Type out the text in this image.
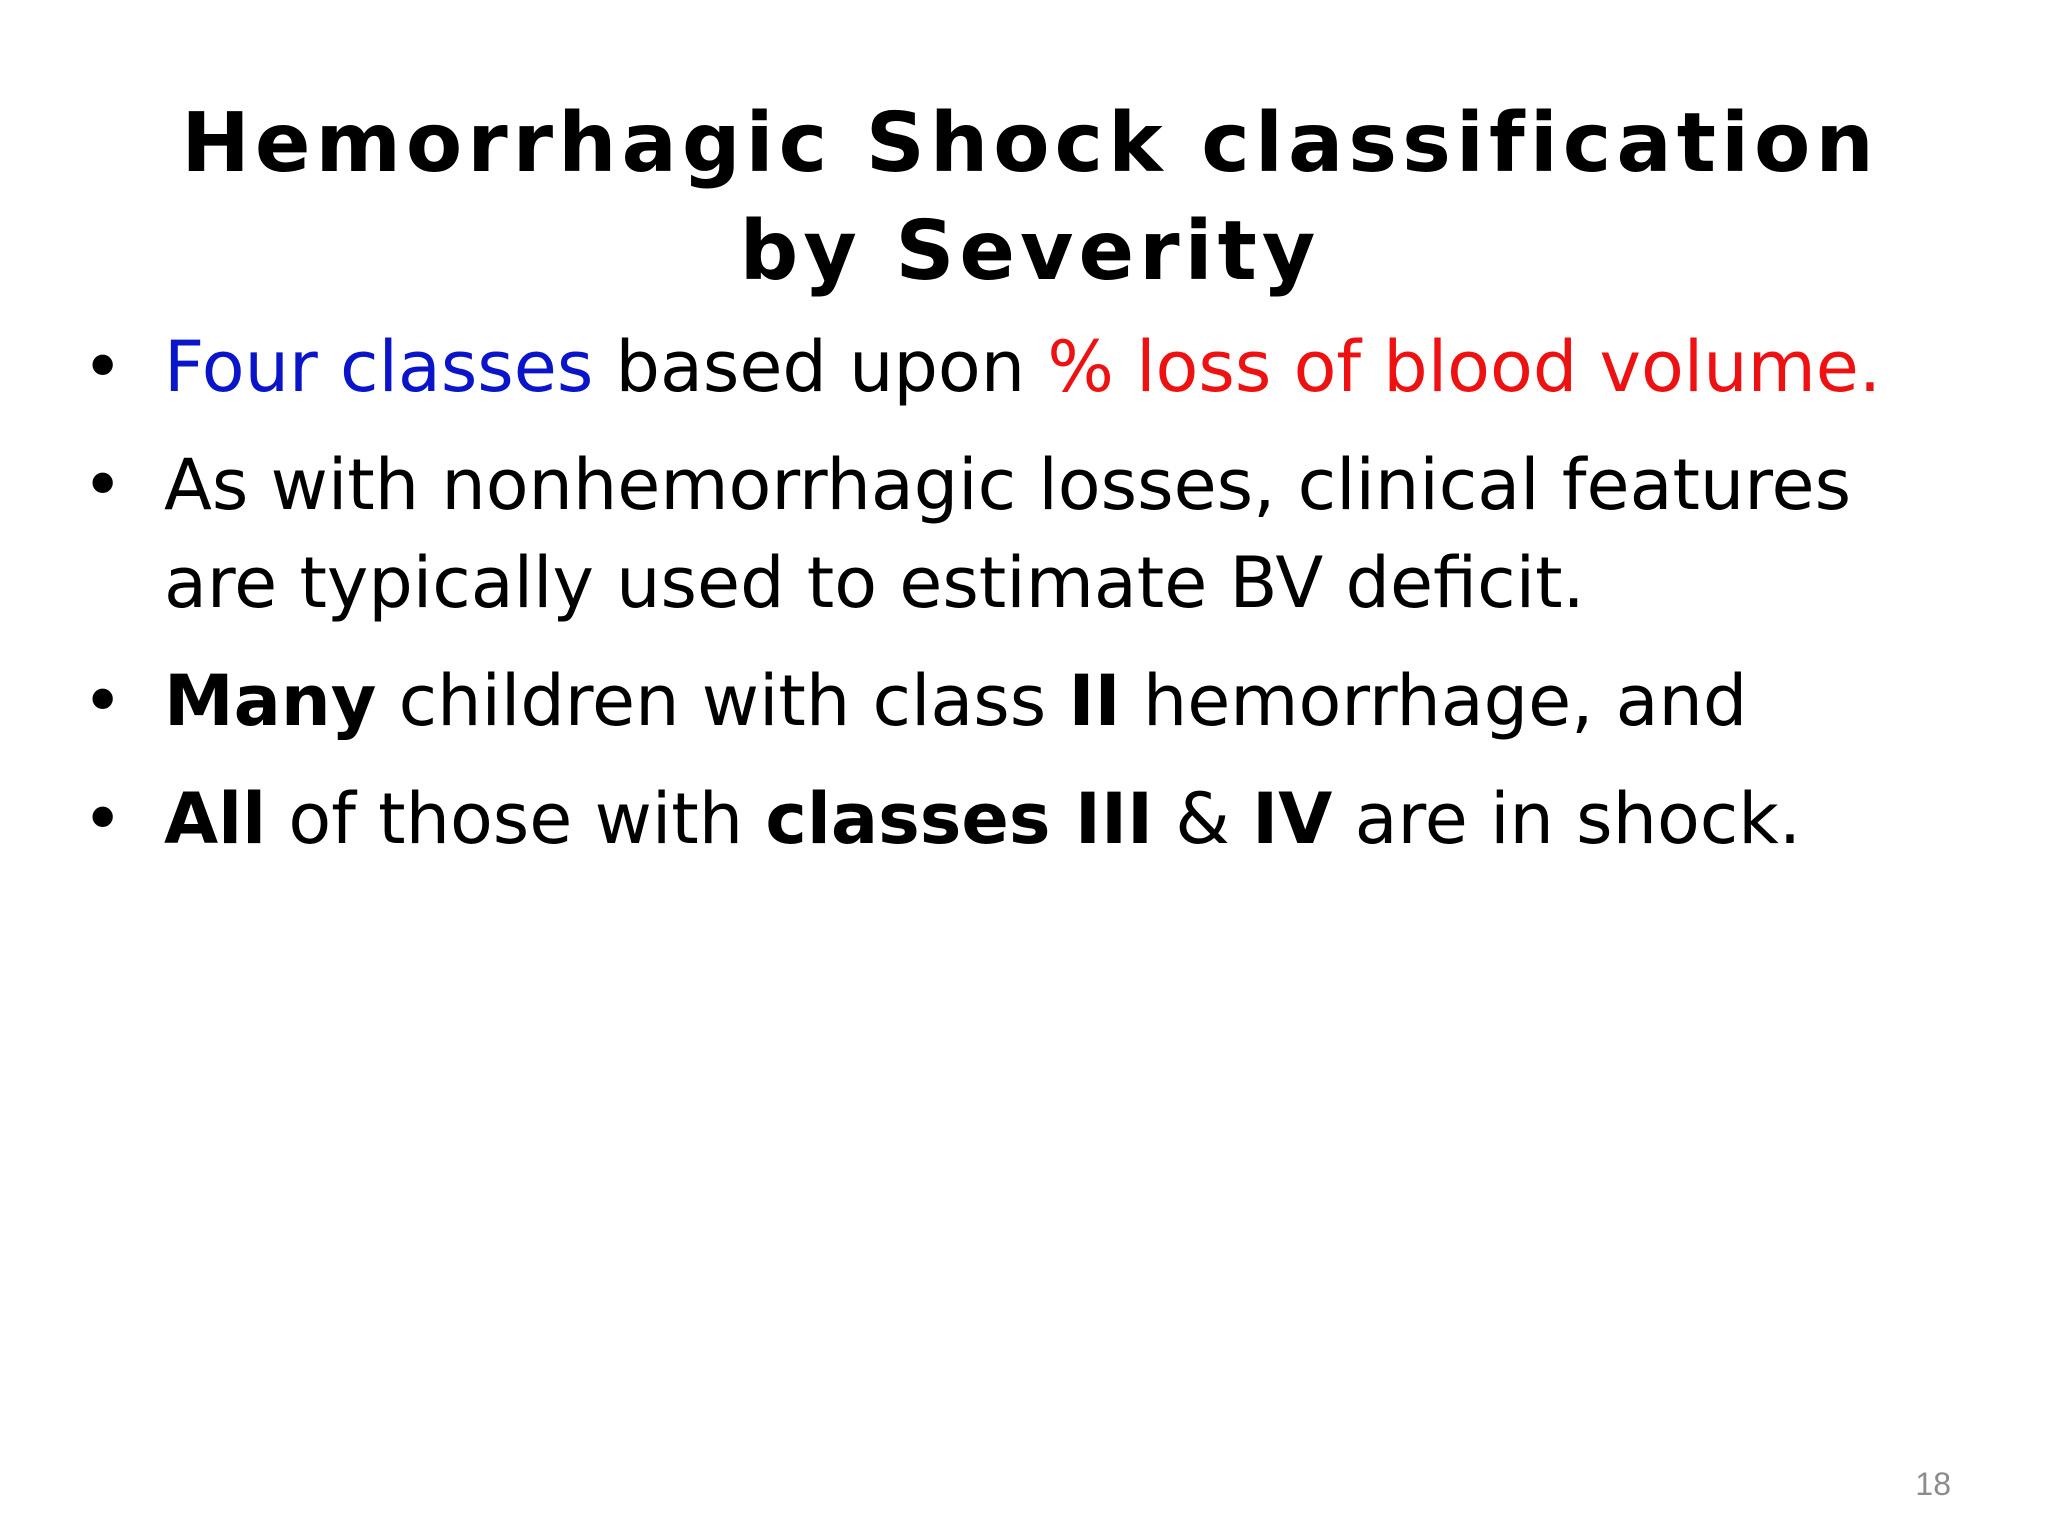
Hemorrhagic Shock classification by Severity
• Four classes based upon % loss of blood volume.
• As with nonhemorrhagic losses, clinical features are typically used to estimate BV deficit.
• Many children with class II hemorrhage, and
• All of those with classes III & IV are in shock.
18
